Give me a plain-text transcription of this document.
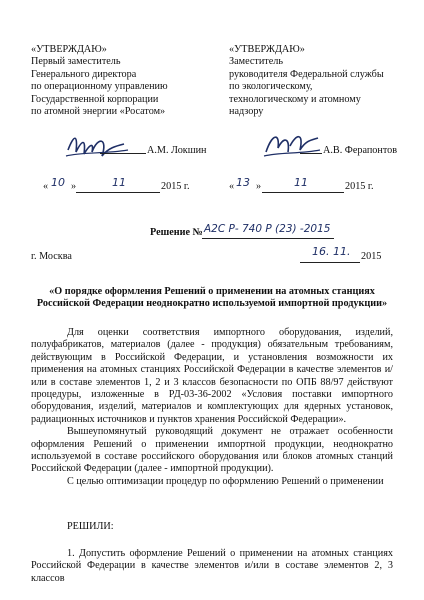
«УТВЕРЖДАЮ»
Первый заместитель
Генерального директора
по операционному управлению
Государственной корпорации
по атомной энергии «Росатом»
«УТВЕРЖДАЮ»
Заместитель
руководителя Федеральной службы
по экологическому,
технологическому и атомному
надзору
А.М. Локшин	А.В. Ферапонтов
« 10 »	11	2015 г.	« 13 »	11	2015 г.
Решение № А2С Р- 740 Р (23) -2015
г. Москва	16. 11. 2015
«О порядке оформления Решений о применении на атомных станциях
Российской Федерации неоднократно используемой импортной продукции»

Для оценки соответствия импортного оборудования, изделий, полуфабрикатов, материалов (далее - продукция) обязательным требованиям, действующим в Российской Федерации, и установления возможности их применения на атомных станциях Российской Федерации в качестве элементов и/или в составе элементов 1, 2 и 3 классов безопасности по ОПБ 88/97 действуют процедуры, изложенные в РД-03-36-2002 «Условия поставки импортного оборудования, изделий, материалов и комплектующих для ядерных установок, радиационных источников и пунктов хранения Российской Федерации».

Вышеупомянутый руководящий документ не отражает особенности оформления Решений о применении импортной продукции, неоднократно используемой в составе российского оборудования или блоков атомных станций Российской Федерации (далее - импортной продукции).

С целью оптимизации процедур по оформлению Решений о применении

РЕШИЛИ:

1. Допустить оформление Решений о применении на атомных станциях Российской Федерации в качестве элементов и/или в составе элементов 2, 3 классов
